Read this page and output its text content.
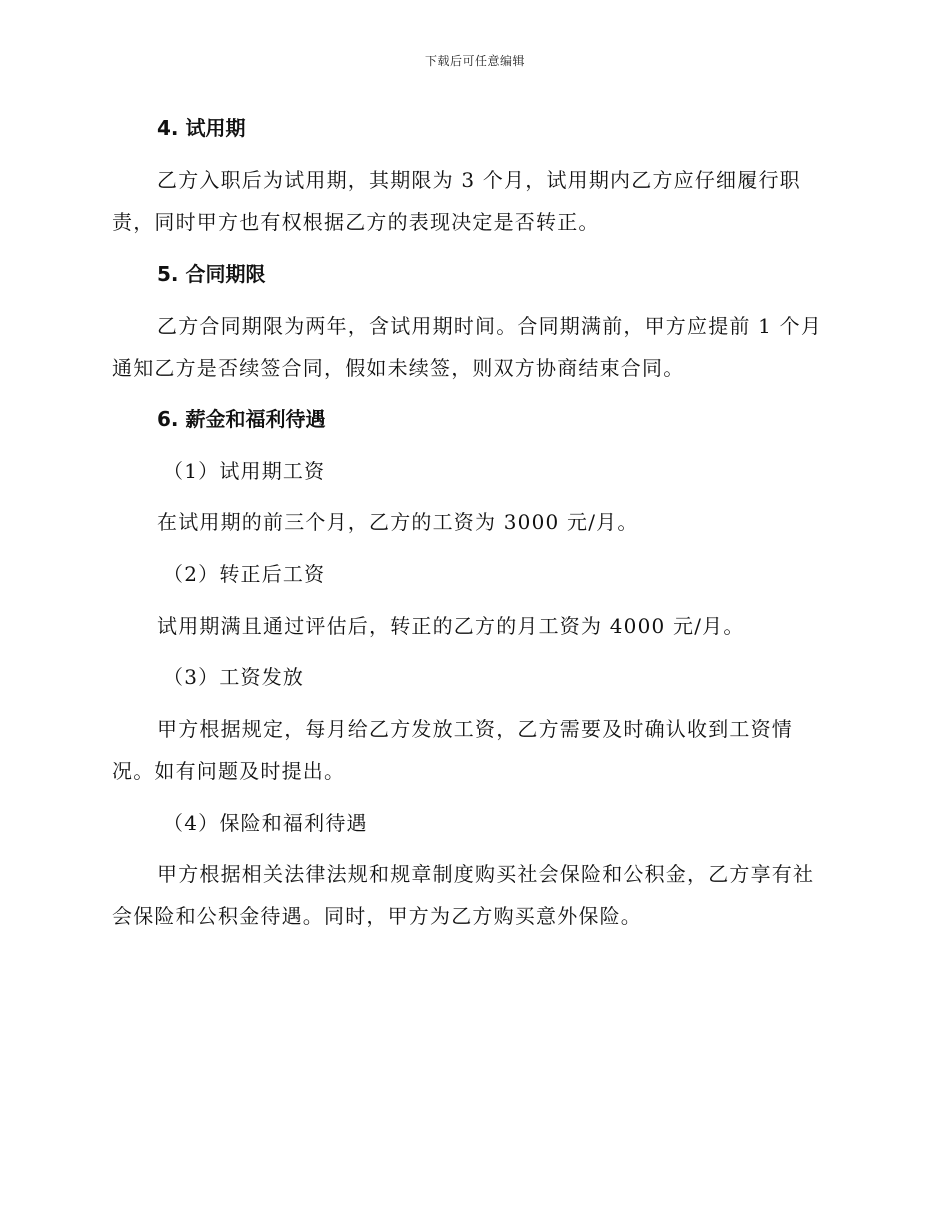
下载后可任意编辑
4. 试用期
乙方入职后为试用期，其期限为 3 个月，试用期内乙方应仔细履行职
责，同时甲方也有权根据乙方的表现决定是否转正。
5. 合同期限
乙方合同期限为两年，含试用期时间。合同期满前，甲方应提前 1 个月
通知乙方是否续签合同，假如未续签，则双方协商结束合同。
6. 薪金和福利待遇
（1）试用期工资
在试用期的前三个月，乙方的工资为 3000 元/月。
（2）转正后工资
试用期满且通过评估后，转正的乙方的月工资为 4000 元/月。
（3）工资发放
甲方根据规定，每月给乙方发放工资，乙方需要及时确认收到工资情
况。如有问题及时提出。
（4）保险和福利待遇
甲方根据相关法律法规和规章制度购买社会保险和公积金，乙方享有社
会保险和公积金待遇。同时，甲方为乙方购买意外保险。
